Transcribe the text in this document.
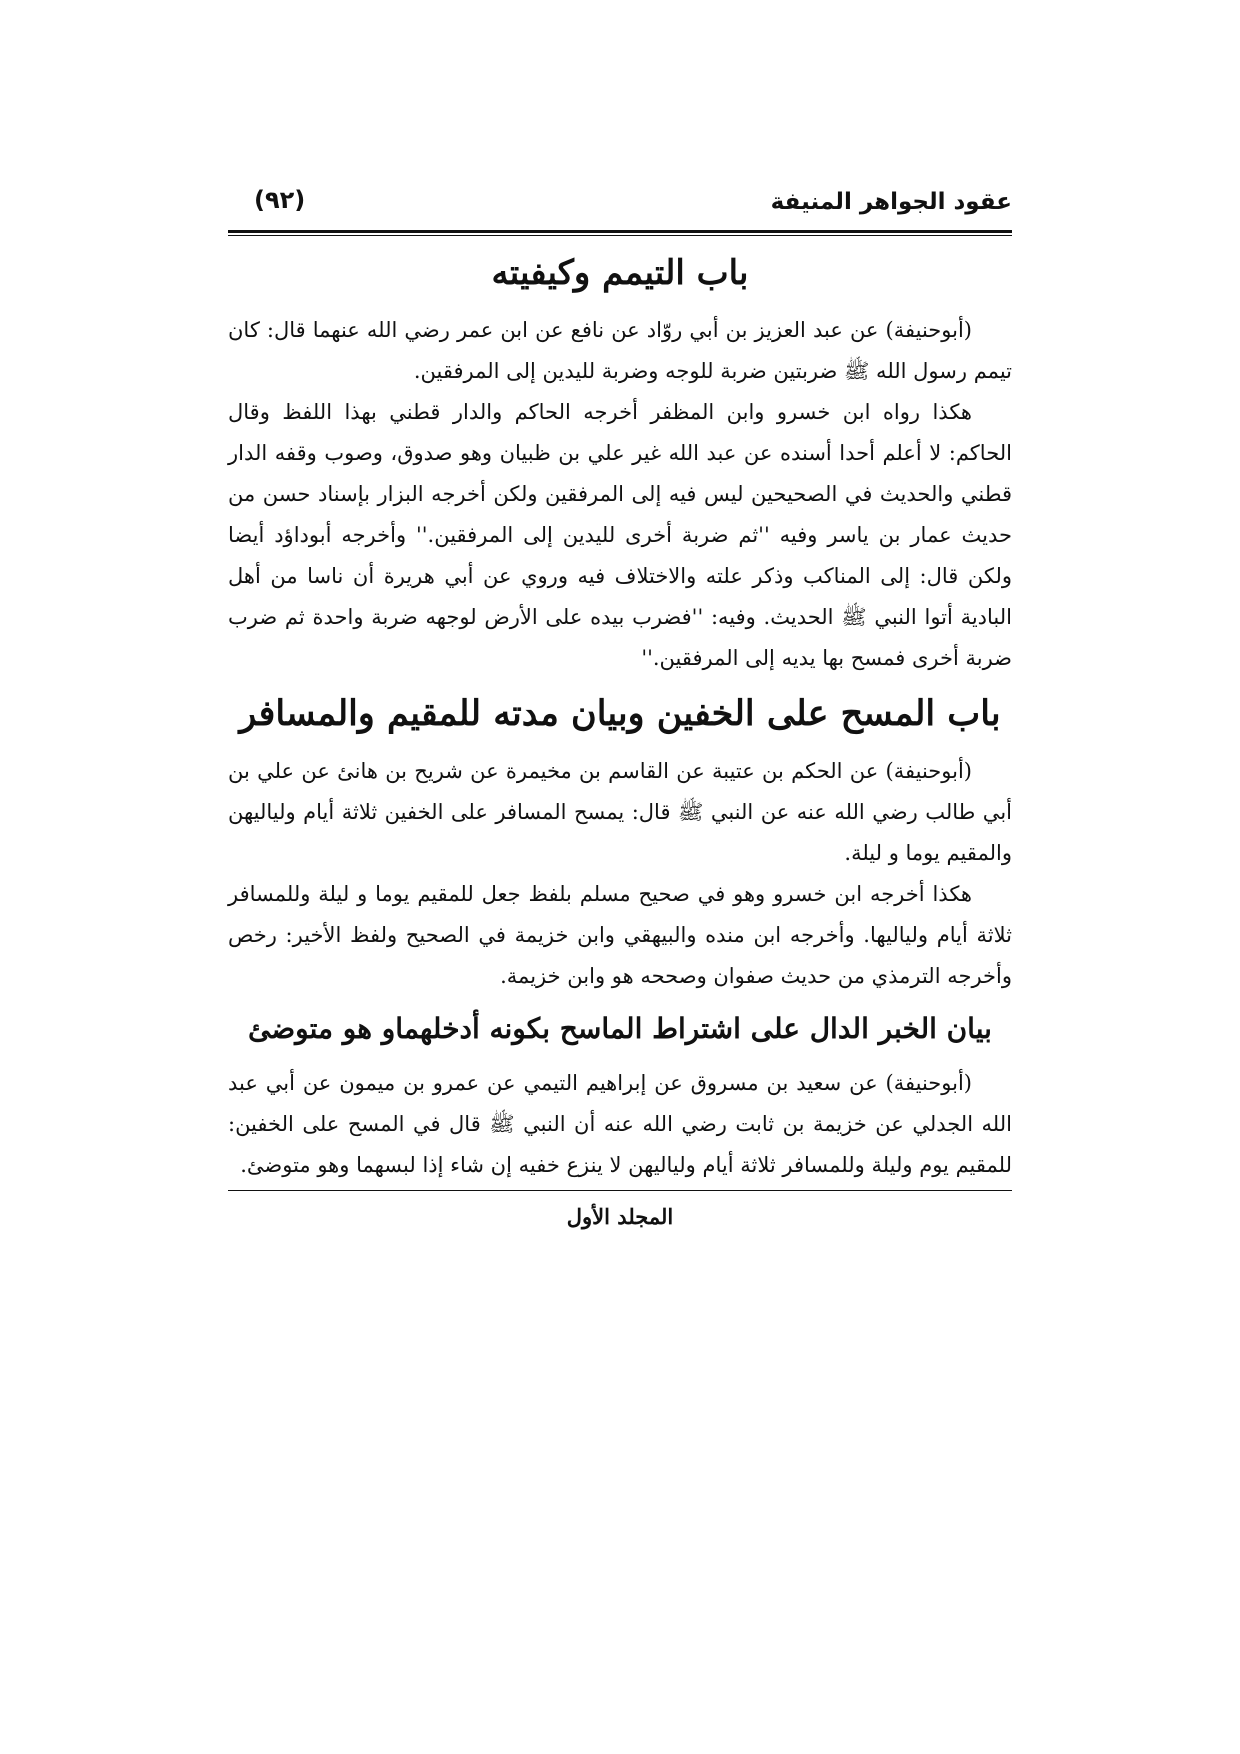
عقود الجواهر المنيفة
(٩٢)
باب التيمم وكيفيته

(أبوحنيفة) عن عبد العزيز بن أبي روّاد عن نافع عن ابن عمر رضي الله عنهما قال: كان تيمم رسول الله ﷺ ضربتين ضربة للوجه وضربة لليدين إلى المرفقين.

هكذا رواه ابن خسرو وابن المظفر أخرجه الحاكم والدار قطني بهذا اللفظ وقال الحاكم: لا أعلم أحدا أسنده عن عبد الله غير علي بن ظبيان وهو صدوق، وصوب وقفه الدار قطني والحديث في الصحيحين ليس فيه إلى المرفقين ولكن أخرجه البزار بإسناد حسن من حديث عمار بن ياسر وفيه ''ثم ضربة أخرى لليدين إلى المرفقين.'' وأخرجه أبوداؤد أيضا ولكن قال: إلى المناكب وذكر علته والاختلاف فيه وروي عن أبي هريرة أن ناسا من أهل البادية أتوا النبي ﷺ الحديث. وفيه: ''فضرب بيده على الأرض لوجهه ضربة واحدة ثم ضرب ضربة أخرى فمسح بها يديه إلى المرفقين.''

باب المسح على الخفين وبيان مدته للمقيم والمسافر

(أبوحنيفة) عن الحكم بن عتيبة عن القاسم بن مخيمرة عن شريح بن هانئ عن علي بن أبي طالب رضي الله عنه عن النبي ﷺ قال: يمسح المسافر على الخفين ثلاثة أيام ولياليهن والمقيم يوما و ليلة.

هكذا أخرجه ابن خسرو وهو في صحيح مسلم بلفظ جعل للمقيم يوما و ليلة وللمسافر ثلاثة أيام ولياليها. وأخرجه ابن منده والبيهقي وابن خزيمة في الصحيح ولفظ الأخير: رخص وأخرجه الترمذي من حديث صفوان وصححه هو وابن خزيمة.

بيان الخبر الدال على اشتراط الماسح بكونه أدخلهماو هو متوضئ

(أبوحنيفة) عن سعيد بن مسروق عن إبراهيم التيمي عن عمرو بن ميمون عن أبي عبد الله الجدلي عن خزيمة بن ثابت رضي الله عنه أن النبي ﷺ قال في المسح على الخفين: للمقيم يوم وليلة وللمسافر ثلاثة أيام ولياليهن لا ينزع خفيه إن شاء إذا لبسهما وهو متوضئ.

المجلد الأول
